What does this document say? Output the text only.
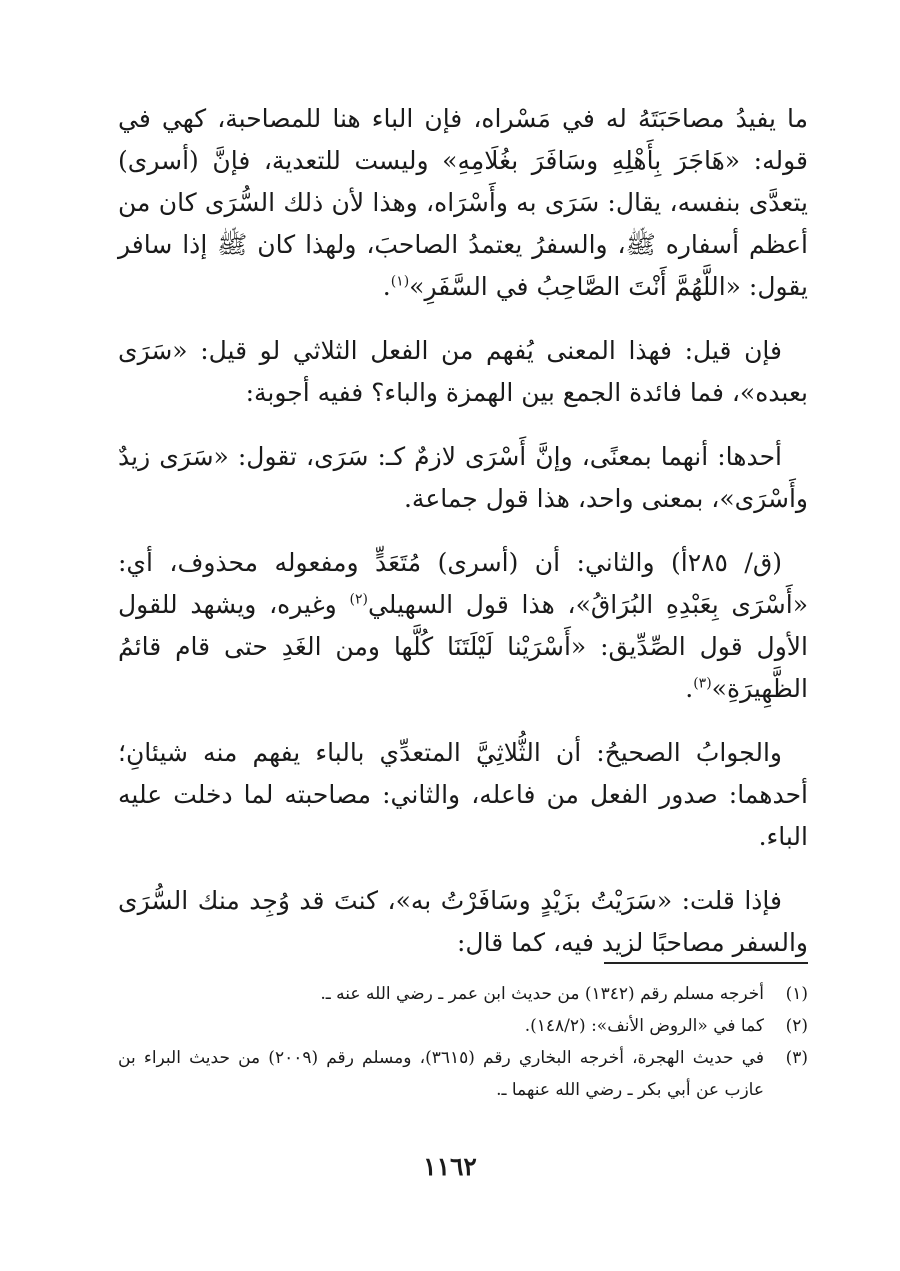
ما يفيدُ مصاحَبَتَهُ له في مَسْراه، فإن الباء هنا للمصاحبة، كهي في قوله: «هَاجَرَ بِأَهْلِهِ وسَافَرَ بغُلَامِهِ» وليست للتعدية، فإنَّ (أسرى) يتعدَّى بنفسه، يقال: سَرَى به وأَسْرَاه، وهذا لأن ذلك السُّرَى كان من أعظم أسفاره ﷺ، والسفرُ يعتمدُ الصاحبَ، ولهذا كان ﷺ إذا سافر يقول: «اللَّهُمَّ أَنْتَ الصَّاحِبُ في السَّفَرِ»$^{(١)}$.

فإن قيل: فهذا المعنى يُفهم من الفعل الثلاثي لو قيل: «سَرَى بعبده»، فما فائدة الجمع بين الهمزة والباء؟ ففيه أجوبة:

أحدها: أنهما بمعنًى، وإنَّ أَسْرَى لازمٌ كـ: سَرَى، تقول: «سَرَى زيدٌ وأَسْرَى»، بمعنى واحد، هذا قول جماعة.

(ق/ ٢٨٥أ) والثاني: أن (أسرى) مُتَعَدٍّ ومفعوله محذوف، أي: «أَسْرَى بِعَبْدِهِ البُرَاقُ»، هذا قول السهيلي$^{(٢)}$ وغيره، ويشهد للقول الأول قول الصِّدِّيق: «أَسْرَيْنا لَيْلَتَنَا كُلَّها ومن الغَدِ حتى قام قائمُ الظَّهِيرَةِ»$^{(٣)}$.

والجوابُ الصحيحُ: أن الثُّلاثِيَّ المتعدِّي بالباء يفهم منه شيئانِ؛ أحدهما: صدور الفعل من فاعله، والثاني: مصاحبته لما دخلت عليه الباء.

فإذا قلت: «سَرَيْتُ بزَيْدٍ وسَافَرْتُ به»، كنتَ قد وُجِد منك السُّرَى والسفر مصاحبًا لزيد فيه، كما قال:

(١)
أخرجه مسلم رقم (١٣٤٢) من حديث ابن عمر ـ رضي الله عنه ـ.
(٢)
كما في «الروض الأنف»: (١٤٨/٢).
(٣)
في حديث الهجرة، أخرجه البخاري رقم (٣٦١٥)، ومسلم رقم (٢٠٠٩) من حديث البراء بن عازب عن أبي بكر ـ رضي الله عنهما ـ.
١١٦٢
